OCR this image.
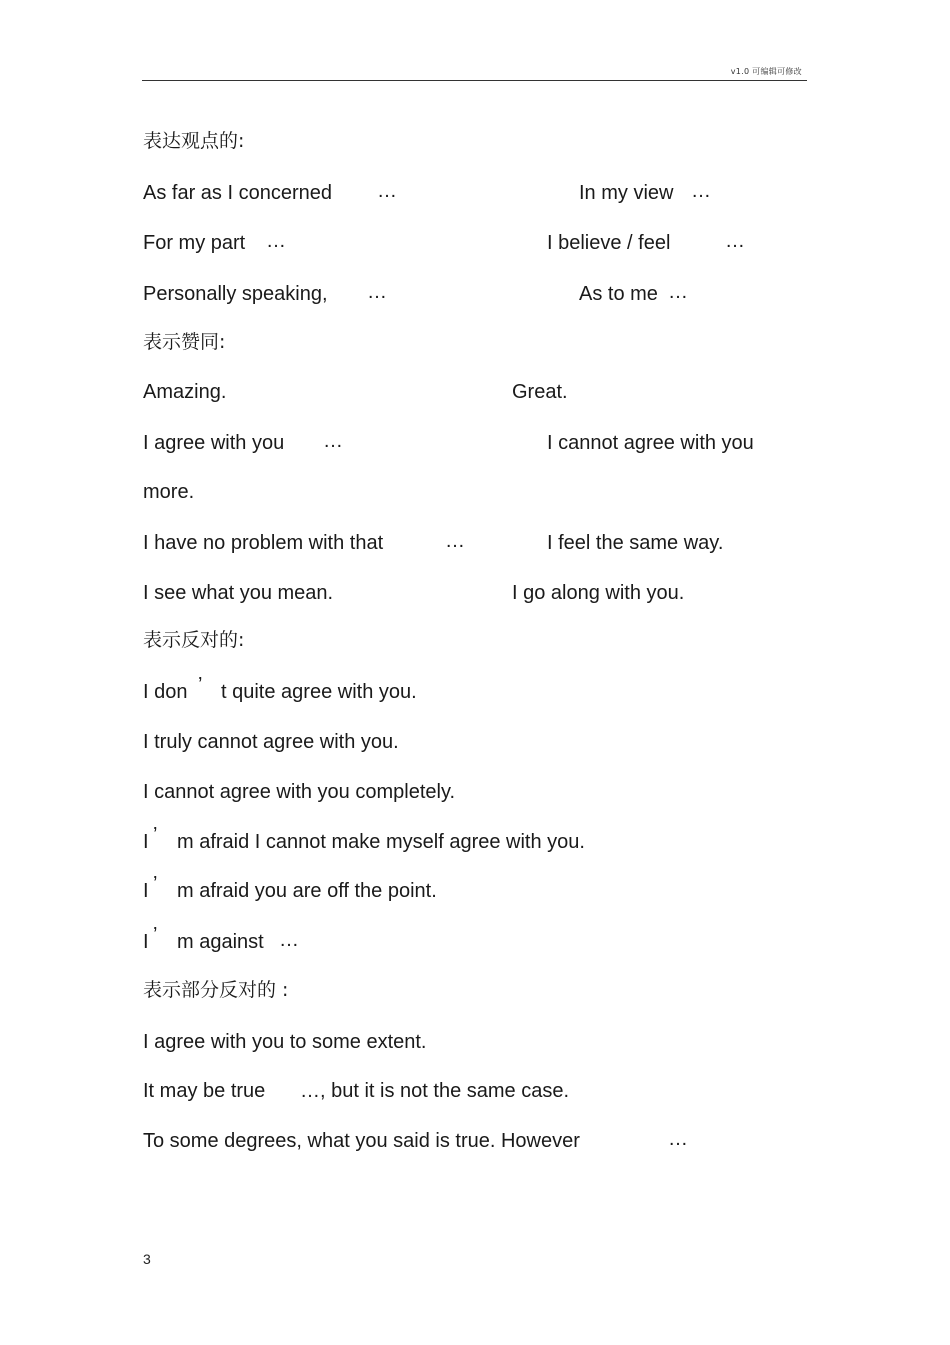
v1.0 可编辑可修改
表达观点的:
As far as I concerned …	In my view …
For my part …	I believe / feel	…
Personally speaking, …	As to me …
表示赞同:
Amazing.	Great.
I agree with you …	I cannot agree with you
more.
I have no problem with that	…	I feel the same way.
I see what you mean.	I go along with you.
表示反对的:
I don ’ t quite agree with you.
I truly cannot agree with you.
I cannot agree with you completely.
I ’ m afraid I cannot make myself agree with you.
I ’ m afraid you are off the point.
I ’ m against …
表示部分反对的 :
I agree with you to some extent.
It may be true …, but it is not the same case.
To some degrees, what you said is true. However	…
3
